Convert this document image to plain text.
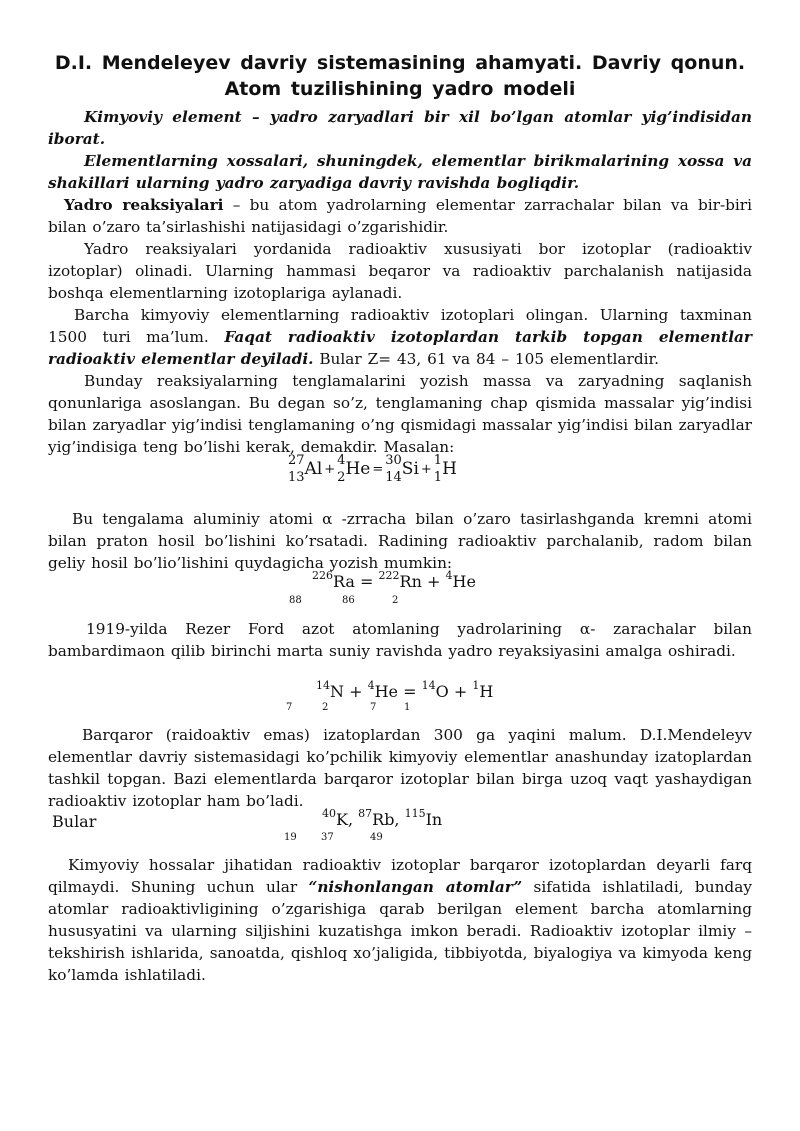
D.I. Mendeleyev davriy sistemasining ahamyati. Davriy qonun.
Atom tuzilishining yadro modeli
Kimyoviy element – yadro zaryadlari bir xil bo’lgan atomlar yig’indisidan iborat.
Elementlarning xossalari, shuningdek, elementlar birikmalarining xossa va shakillari ularning yadro zaryadiga davriy ravishda bogliqdir.
Yadro reaksiyalari – bu atom yadrolarning elementar zarrachalar bilan va bir-biri bilan o’zaro ta’sirlashishi natijasidagi o’zgarishidir.
Yadro reaksiyalari yordanida radioaktiv xususiyati bor izotoplar (radioaktiv izotoplar) olinadi. Ularning hammasi beqaror va radioaktiv parchalanish natijasida boshqa elementlarning izotoplariga aylanadi.
Barcha kimyoviy elementlarning radioaktiv izotoplari olingan. Ularning taxminan 1500 turi ma’lum. Faqat radioaktiv izotoplardan tarkib topgan elementlar radioaktiv elementlar deyiladi. Bular Z= 43, 61 va 84 – 105 elementlardir.
Bunday reaksiyalarning tenglamalarini yozish massa va zaryadning saqlanish qonunlariga asoslangan. Bu degan so’z, tenglamaning chap qismida massalar yig’indisi bilan zaryadlar yig’indisi tenglamaning o’ng qismidagi massalar yig’indisi bilan zaryadlar yig’indisiga teng bo’lishi kerak, demakdir. Masalan:
27
13 Al +
4
2 He =
30
14 Si +
1
1 H
Bu tengalama aluminiy atomi α -zrracha bilan o’zaro tasirlashganda kremni atomi bilan praton hosil bo’lishini ko’rsatadi. Radining radioaktiv parchalanib, radom bilan geliy hosil bo’lio’lishini quydagicha yozish mumkin:
$^{226}$Ra = $^{222}$Rn + $^4$He
88	86	2
1919-yilda Rezer Ford azot atomlaning yadrolarining α- zarachalar bilan bambardimaon qilib birinchi marta suniy ravishda yadro reyaksiyasini amalga oshiradi.
$^{14}$N + $^4$He = $^{14}$O + $^1$H
7	2	7	1
Barqaror (raidoaktiv emas) izatoplardan 300 ga yaqini malum. D.I.Mendeleyv elementlar davriy sistemasidagi ko’pchilik kimyoviy elementlar anashunday izatoplardan tashkil topgan. Bazi elementlarda barqaror izotoplar bilan birga uzoq vaqt yashaydigan radioaktiv izotoplar ham bo’ladi.
Bular	$^{40}$K, $^{87}$Rb, $^{115}$In
19 37	49
Kimyoviy hossalar jihatidan radioaktiv izotoplar barqaror izotoplardan deyarli farq qilmaydi. Shuning uchun ular “nishonlangan atomlar” sifatida ishlatiladi, bunday atomlar radioaktivligining o’zgarishiga qarab berilgan element barcha atomlarning hususyatini va ularning siljishini kuzatishga imkon beradi. Radioaktiv izotoplar ilmiy – tekshirish ishlarida, sanoatda, qishloq xo’jaligida, tibbiyotda, biyalogiya va kimyoda keng ko’lamda ishlatiladi.
